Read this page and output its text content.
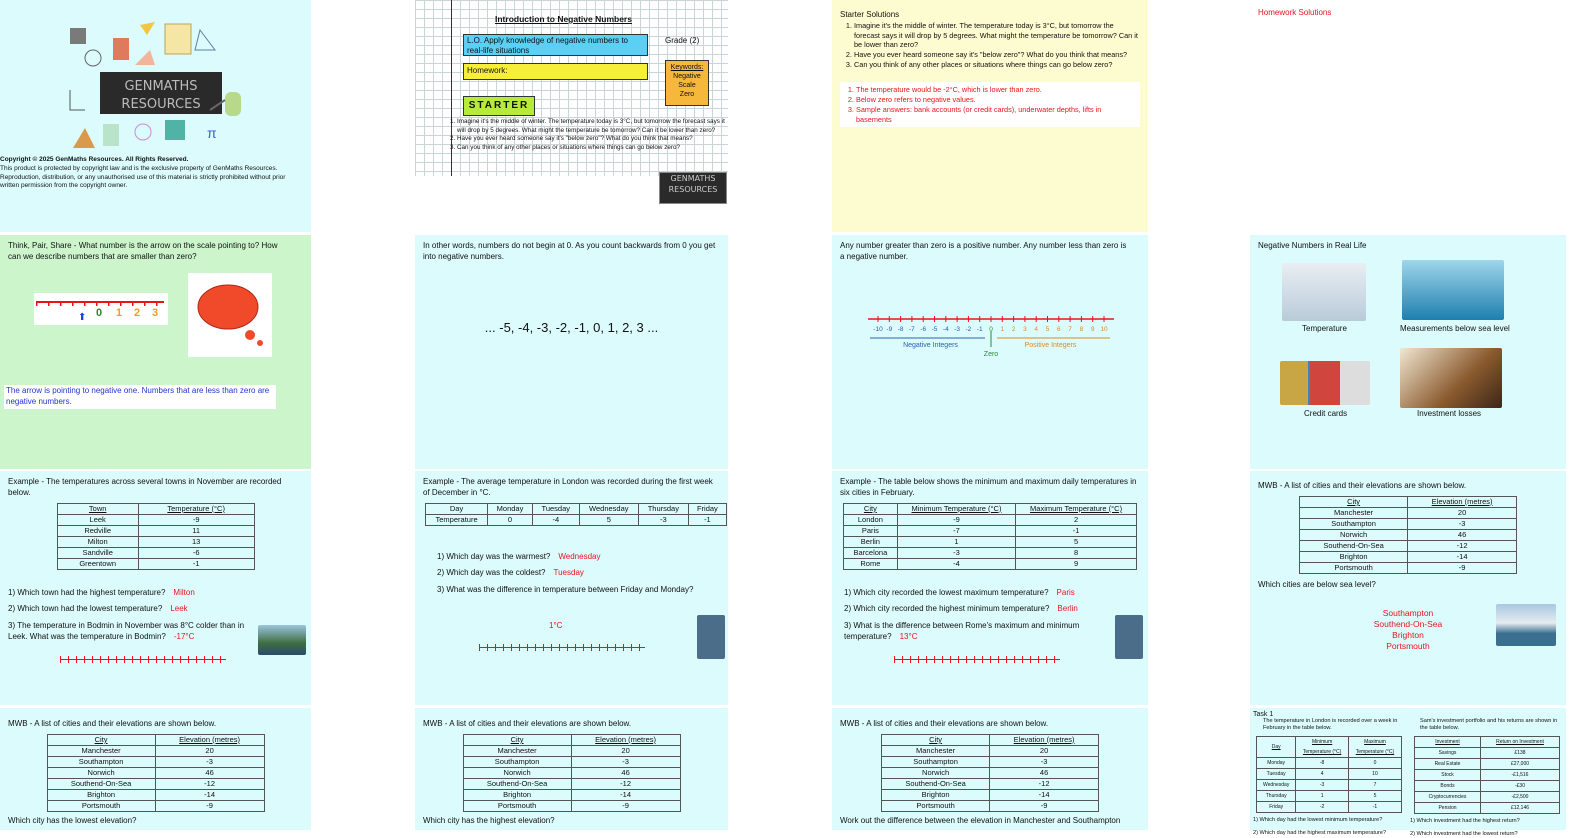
GENMATHS
RESOURCES
π
Copyright © 2025 GenMaths Resources. All Rights Reserved.
This product is protected by copyright law and is the exclusive property of GenMaths Resources. Reproduction, distribution, or any unauthorised use of this material is strictly prohibited without prior written permission from the copyright owner.
Introduction to Negative Numbers
L.O. Apply knowledge of negative numbers to real-life situations
Grade (2)
Homework:	Keywords:
Negative
Scale
Zero
STARTER
1. Imagine it's the middle of winter. The temperature today is 3°C, but tomorrow the forecast says it will drop by 5 degrees. What might the temperature be tomorrow? Can it be lower than zero?
2. Have you ever heard someone say it's "below zero"? What do you think that means?
3. Can you think of any other places or situations where things can go below zero?
GENMATHS
RESOURCES
Starter Solutions
1. Imagine it's the middle of winter. The temperature today is 3°C, but tomorrow the forecast says it will drop by 5 degrees. What might the temperature be tomorrow? Can it be lower than zero?
2. Have you ever heard someone say it's "below zero"? What do you think that means?
3. Can you think of any other places or situations where things can go below zero?
1. The temperature would be -2°C, which is lower than zero.
2. Below zero refers to negative values.
3. Sample answers: bank accounts (or credit cards), underwater depths, lifts in basements
Homework Solutions
Think, Pair, Share - What number is the arrow on the scale pointing to? How can we describe numbers that are smaller than zero?
⬆ 0 1 2 3
The arrow is pointing to negative one. Numbers that are less than zero are negative numbers.
In other words, numbers do not begin at 0. As you count backwards from 0 you get into negative numbers.
... -5, -4, -3, -2, -1, 0, 1, 2, 3 ...
Any number greater than zero is a positive number. Any number less than zero is a negative number.
-10 -9 -8 -7 -6 -5 -4 -3 -2 -1 0 1 2 3 4 5 6 7 8 9 10
Negative Integers
Zero
Positive Integers
Negative Numbers in Real Life
Temperature	Measurements below sea level
Credit cards	Investment losses
Example - The temperatures across several towns in November are recorded below.
Town	Temperature (°C)
Leek	-9
Redville	11
Milton	13
Sandville	-6
Greentown	-1
1) Which town had the highest temperature? Milton
2) Which town had the lowest temperature? Leek
3) The temperature in Bodmin in November was 8°C colder than in Leek. What was the temperature in Bodmin? -17°C
Example - The average temperature in London was recorded during the first week of December in °C.
Day	Monday	Tuesday	Wednesday	Thursday	Friday
Temperature	0	-4	5	-3	-1
1) Which day was the warmest? Wednesday
2) Which day was the coldest? Tuesday
3) What was the difference in temperature between Friday and Monday?
1°C
Example - The table below shows the minimum and maximum daily temperatures in six cities in February.
City	Minimum Temperature (°C)	Maximum Temperature (°C)
London	-9	2
Paris	-7	-1
Berlin	1	5
Barcelona	-3	8
Rome	-4	9
1) Which city recorded the lowest maximum temperature? Paris
2) Which city recorded the highest minimum temperature? Berlin
3) What is the difference between Rome's maximum and minimum temperature? 13°C
MWB - A list of cities and their elevations are shown below.
City	Elevation (metres)
Manchester	20
Southampton	-3
Norwich	46
Southend-On-Sea	-12
Brighton	-14
Portsmouth	-9
Which cities are below sea level?
Southampton
Southend-On-Sea
Brighton
Portsmouth
MWB - A list of cities and their elevations are shown below.
City	Elevation (metres)
Manchester	20
Southampton	-3
Norwich	46
Southend-On-Sea	-12
Brighton	-14
Portsmouth	-9
Which city has the lowest elevation?
MWB - A list of cities and their elevations are shown below.
City	Elevation (metres)
Manchester	20
Southampton	-3
Norwich	46
Southend-On-Sea	-12
Brighton	-14
Portsmouth	-9
Which city has the highest elevation?
MWB - A list of cities and their elevations are shown below.
City	Elevation (metres)
Manchester	20
Southampton	-3
Norwich	46
Southend-On-Sea	-12
Brighton	-14
Portsmouth	-9
Work out the difference between the elevation in Manchester and Southampton
Task 1
The temperature in London is recorded over a week in February in the table below.
Day	Minimum Temperature (°C)	Maximum Temperature (°C)
Monday	-8	0
Tuesday	4	10
Wednesday	-3	7
Thursday	1	5
Friday	-2	-1
1) Which day had the lowest minimum temperature?
2) Which day had the highest maximum temperature?
Sam's investment portfolio and his returns are shown in the table below.
Investment	Return on Investment
Savings	£138
Real Estate	£27,000
Stock	-£1,516
Bonds	-£30
Cryptocurrencies	-£2,500
Pension	£12,146
1) Which investment had the highest return?
2) Which investment had the lowest return?
